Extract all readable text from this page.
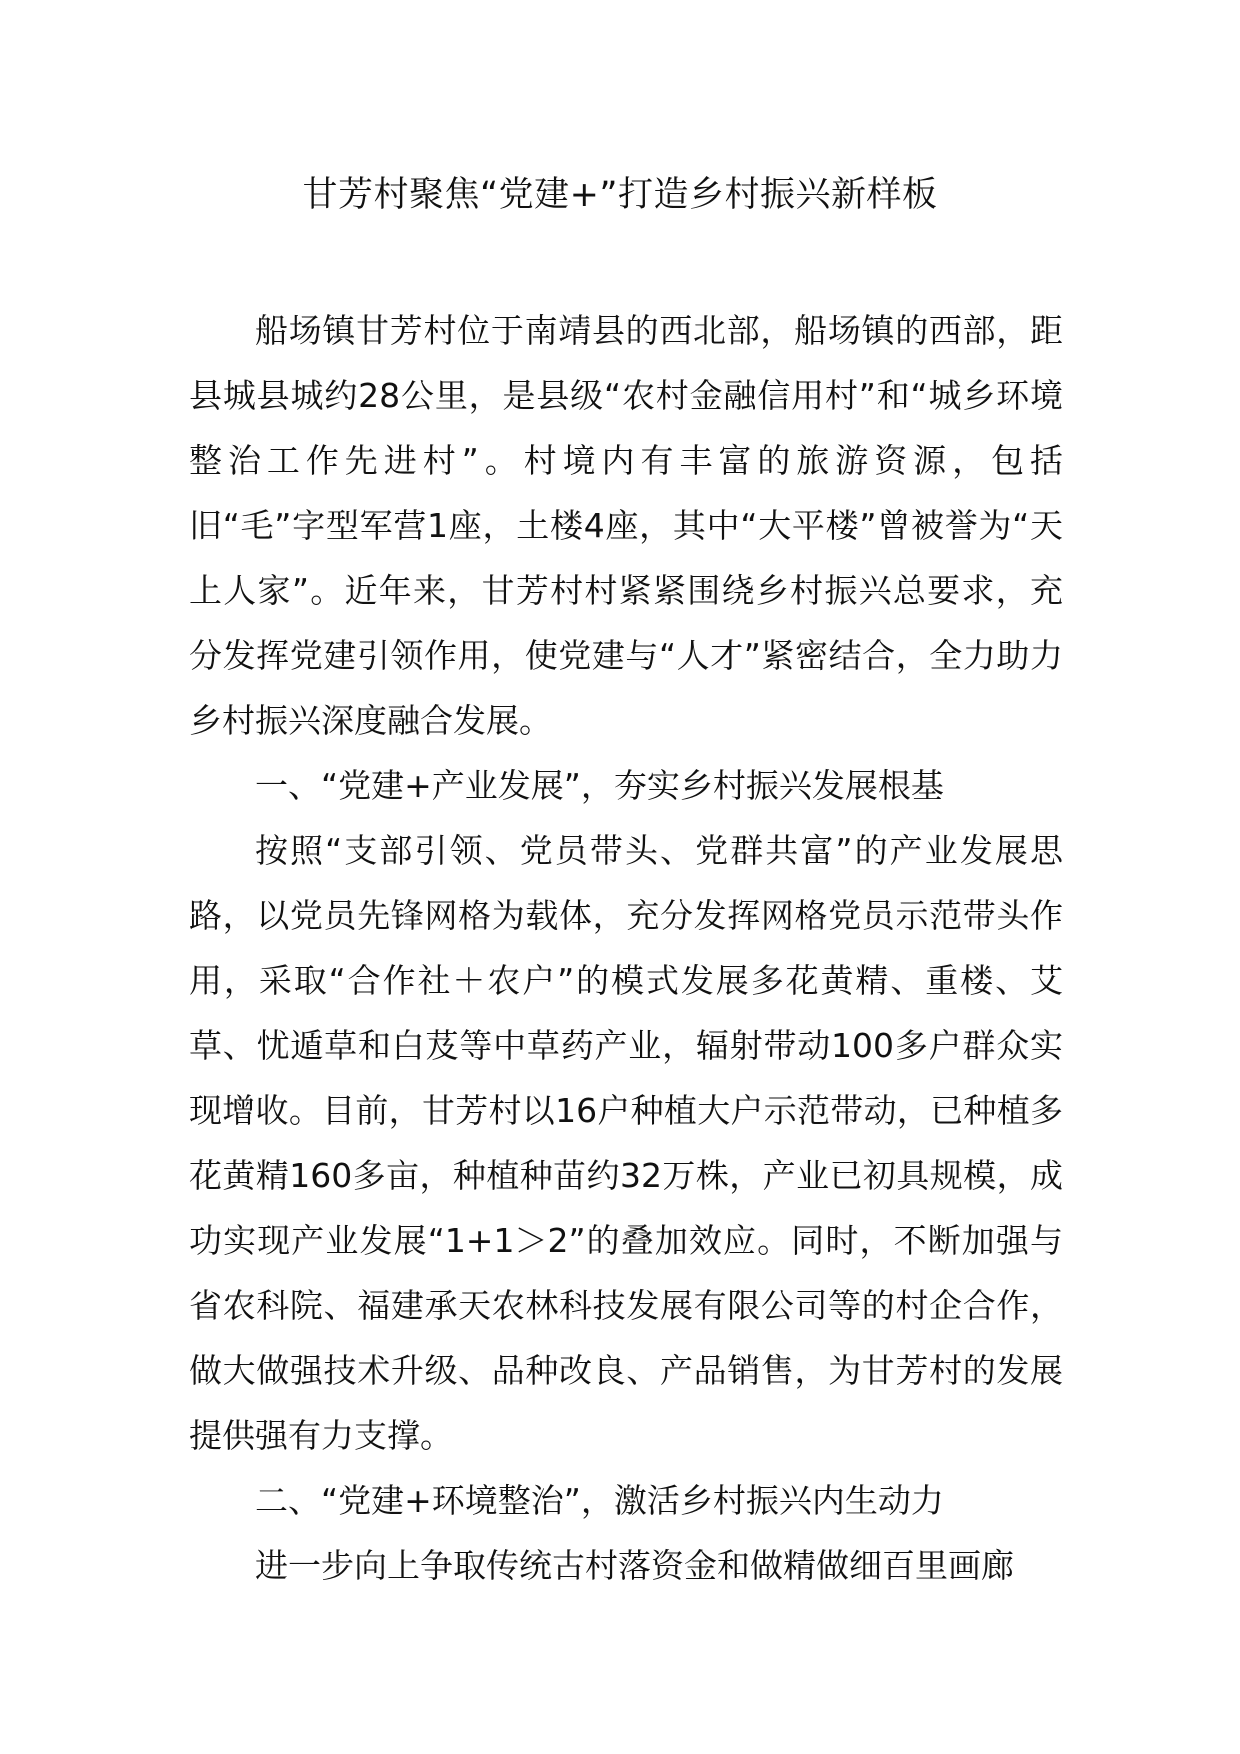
甘芳村聚焦“党建+”打造乡村振兴新样板

船场镇甘芳村位于南靖县的西北部，船场镇的西部，距县城县城约28公里，是县级“农村金融信用村”和“城乡环境整治工作先进村”。村境内有丰富的旅游资源，包括旧“毛”字型军营1座，土楼4座，其中“大平楼”曾被誉为“天上人家”。近年来，甘芳村村紧紧围绕乡村振兴总要求，充分发挥党建引领作用，使党建与“人才”紧密结合，全力助力乡村振兴深度融合发展。

一、“党建+产业发展”，夯实乡村振兴发展根基

按照“支部引领、党员带头、党群共富”的产业发展思路，以党员先锋网格为载体，充分发挥网格党员示范带头作用，采取“合作社＋农户”的模式发展多花黄精、重楼、艾草、忧遁草和白芨等中草药产业，辐射带动100多户群众实现增收。目前，甘芳村以16户种植大户示范带动，已种植多花黄精160多亩，种植种苗约32万株，产业已初具规模，成功实现产业发展“1+1＞2”的叠加效应。同时，不断加强与省农科院、福建承天农林科技发展有限公司等的村企合作，做大做强技术升级、品种改良、产品销售，为甘芳村的发展提供强有力支撑。

二、“党建+环境整治”，激活乡村振兴内生动力

进一步向上争取传统古村落资金和做精做细百里画廊
